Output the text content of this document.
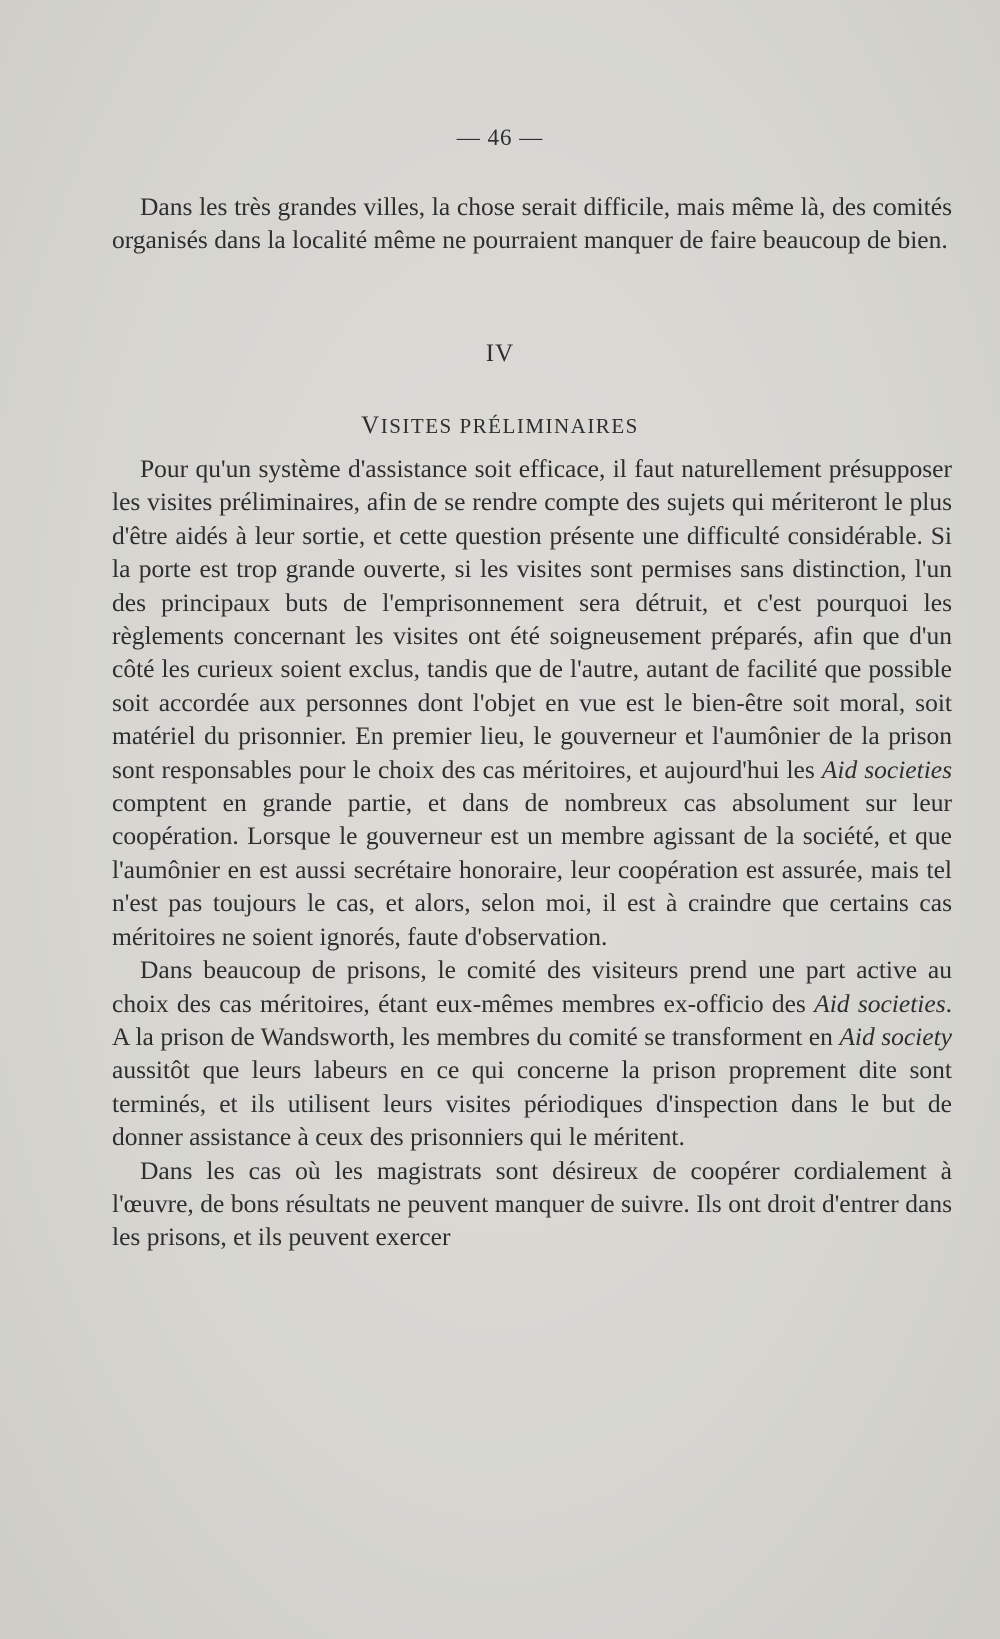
— 46 —

Dans les très grandes villes, la chose serait difficile, mais même là, des comités organisés dans la localité même ne pourraient manquer de faire beaucoup de bien.

IV
VISITES PRÉLIMINAIRES

Pour qu'un système d'assistance soit efficace, il faut naturellement présupposer les visites préliminaires, afin de se rendre compte des sujets qui mériteront le plus d'être aidés à leur sortie, et cette question présente une difficulté considérable. Si la porte est trop grande ouverte, si les visites sont permises sans distinction, l'un des principaux buts de l'emprisonnement sera détruit, et c'est pourquoi les règlements concernant les visites ont été soigneusement préparés, afin que d'un côté les curieux soient exclus, tandis que de l'autre, autant de facilité que possible soit accordée aux personnes dont l'objet en vue est le bien-être soit moral, soit matériel du prisonnier. En premier lieu, le gouverneur et l'aumônier de la prison sont responsables pour le choix des cas méritoires, et aujourd'hui les Aid societies comptent en grande partie, et dans de nombreux cas absolument sur leur coopération. Lorsque le gouverneur est un membre agissant de la société, et que l'aumônier en est aussi secrétaire honoraire, leur coopération est assurée, mais tel n'est pas toujours le cas, et alors, selon moi, il est à craindre que certains cas méritoires ne soient ignorés, faute d'observation.

Dans beaucoup de prisons, le comité des visiteurs prend une part active au choix des cas méritoires, étant eux-mêmes membres ex-officio des Aid societies. A la prison de Wandsworth, les membres du comité se transforment en Aid society aussitôt que leurs labeurs en ce qui concerne la prison proprement dite sont terminés, et ils utilisent leurs visites périodiques d'inspection dans le but de donner assistance à ceux des prisonniers qui le méritent.

Dans les cas où les magistrats sont désireux de coopérer cordialement à l'œuvre, de bons résultats ne peuvent manquer de suivre. Ils ont droit d'entrer dans les prisons, et ils peuvent exercer
